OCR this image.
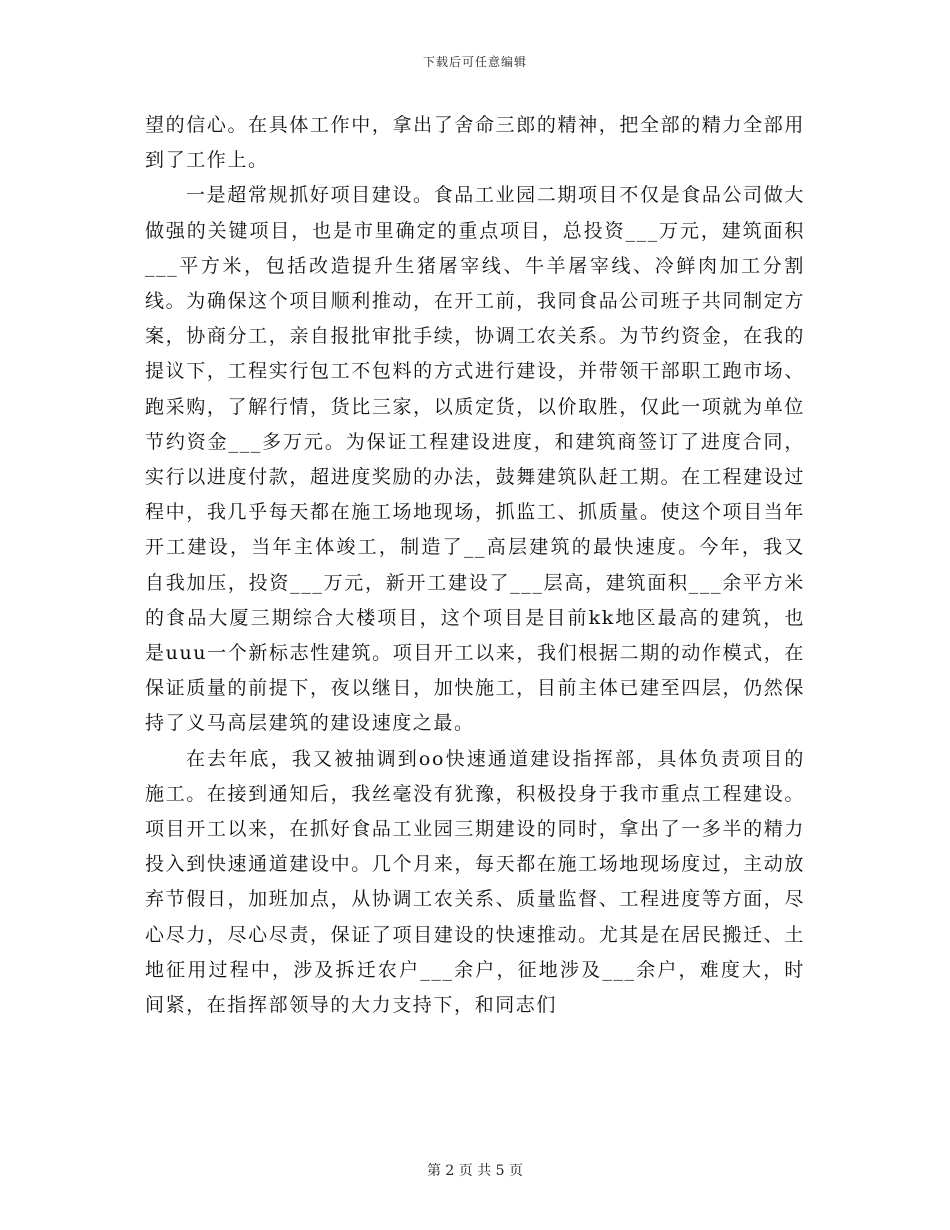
下载后可任意编辑

望的信心。在具体工作中，拿出了舍命三郎的精神，把全部的精力全部用到了工作上。

一是超常规抓好项目建设。食品工业园二期项目不仅是食品公司做大做强的关键项目，也是市里确定的重点项目，总投资___万元，建筑面积___平方米，包括改造提升生猪屠宰线、牛羊屠宰线、冷鲜肉加工分割线。为确保这个项目顺利推动，在开工前，我同食品公司班子共同制定方案，协商分工，亲自报批审批手续，协调工农关系。为节约资金，在我的提议下，工程实行包工不包料的方式进行建设，并带领干部职工跑市场、跑采购，了解行情，货比三家，以质定货，以价取胜，仅此一项就为单位节约资金___多万元。为保证工程建设进度，和建筑商签订了进度合同，实行以进度付款，超进度奖励的办法，鼓舞建筑队赶工期。在工程建设过程中，我几乎每天都在施工场地现场，抓监工、抓质量。使这个项目当年开工建设，当年主体竣工，制造了__高层建筑的最快速度。今年，我又自我加压，投资___万元，新开工建设了___层高，建筑面积___余平方米的食品大厦三期综合大楼项目，这个项目是目前kk地区最高的建筑，也是uuu一个新标志性建筑。项目开工以来，我们根据二期的动作模式，在保证质量的前提下，夜以继日，加快施工，目前主体已建至四层，仍然保持了义马高层建筑的建设速度之最。

在去年底，我又被抽调到oo快速通道建设指挥部，具体负责项目的施工。在接到通知后，我丝毫没有犹豫，积极投身于我市重点工程建设。项目开工以来，在抓好食品工业园三期建设的同时，拿出了一多半的精力投入到快速通道建设中。几个月来，每天都在施工场地现场度过，主动放弃节假日，加班加点，从协调工农关系、质量监督、工程进度等方面，尽心尽力，尽心尽责，保证了项目建设的快速推动。尤其是在居民搬迁、土地征用过程中，涉及拆迁农户___余户，征地涉及___余户，难度大，时间紧，在指挥部领导的大力支持下，和同志们

第 2 页 共 5 页
